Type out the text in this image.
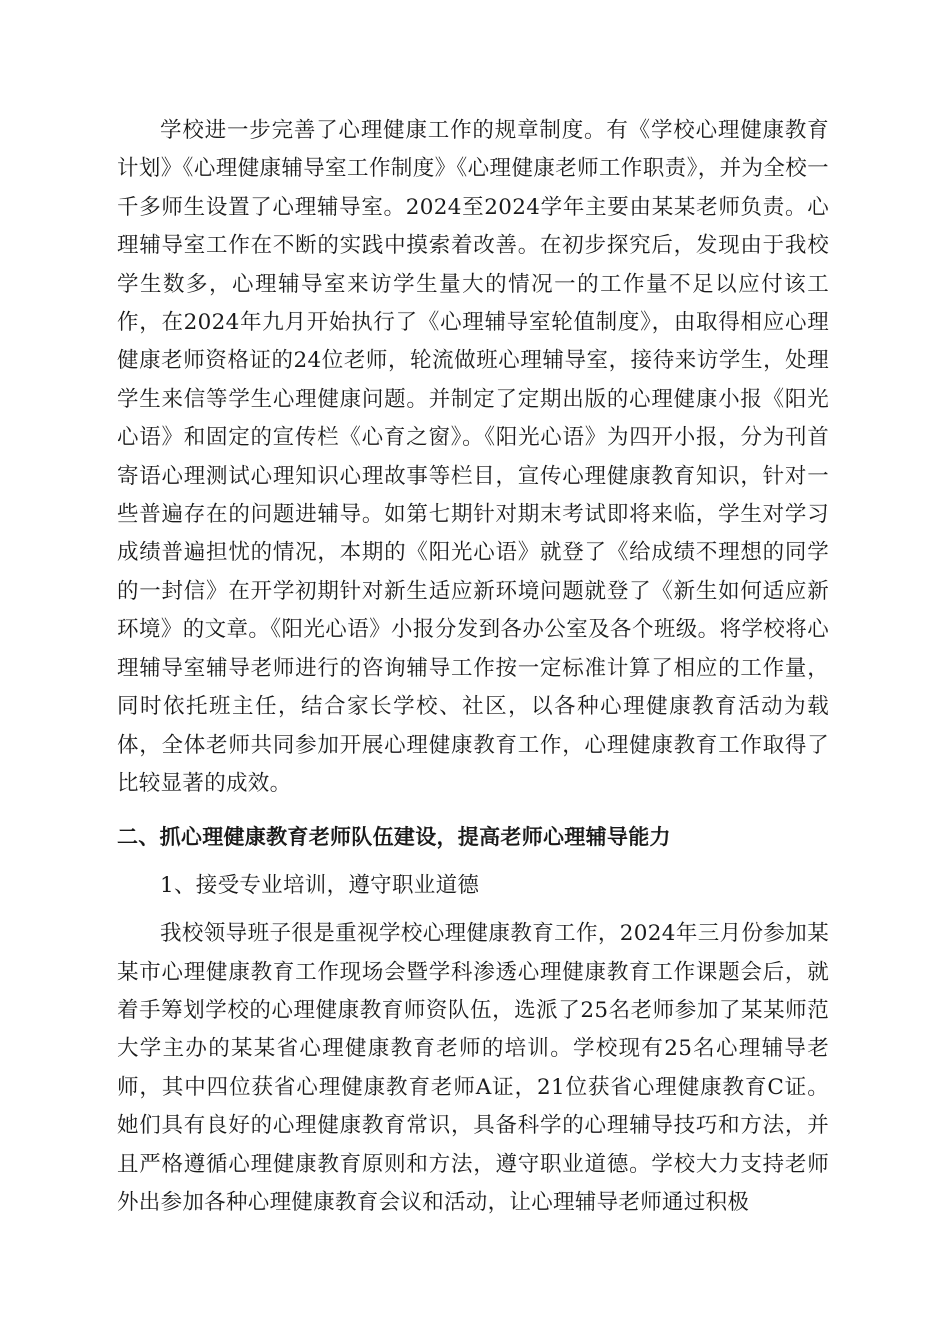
学校进一步完善了心理健康工作的规章制度。有《学校心理健康教育计划》《心理健康辅导室工作制度》《心理健康老师工作职责》，并为全校一千多师生设置了心理辅导室。2024至2024学年主要由某某老师负责。心理辅导室工作在不断的实践中摸索着改善。在初步探究后，发现由于我校学生数多，心理辅导室来访学生量大的情况一的工作量不足以应付该工作，在2024年九月开始执行了《心理辅导室轮值制度》，由取得相应心理健康老师资格证的24位老师，轮流做班心理辅导室，接待来访学生，处理学生来信等学生心理健康问题。并制定了定期出版的心理健康小报《阳光心语》和固定的宣传栏《心育之窗》。《阳光心语》为四开小报，分为刊首寄语心理测试心理知识心理故事等栏目，宣传心理健康教育知识，针对一些普遍存在的问题进辅导。如第七期针对期末考试即将来临，学生对学习成绩普遍担忧的情况，本期的《阳光心语》就登了《给成绩不理想的同学的一封信》在开学初期针对新生适应新环境问题就登了《新生如何适应新环境》的文章。《阳光心语》小报分发到各办公室及各个班级。将学校将心理辅导室辅导老师进行的咨询辅导工作按一定标准计算了相应的工作量，同时依托班主任，结合家长学校、社区，以各种心理健康教育活动为载体，全体老师共同参加开展心理健康教育工作，心理健康教育工作取得了比较显著的成效。

二、抓心理健康教育老师队伍建设，提高老师心理辅导能力

1、接受专业培训，遵守职业道德

我校领导班子很是重视学校心理健康教育工作，2024年三月份参加某某市心理健康教育工作现场会暨学科渗透心理健康教育工作课题会后，就着手筹划学校的心理健康教育师资队伍，选派了25名老师参加了某某师范大学主办的某某省心理健康教育老师的培训。学校现有25名心理辅导老师，其中四位获省心理健康教育老师A证，21位获省心理健康教育C证。她们具有良好的心理健康教育常识，具备科学的心理辅导技巧和方法，并且严格遵循心理健康教育原则和方法，遵守职业道德。学校大力支持老师外出参加各种心理健康教育会议和活动，让心理辅导老师通过积极
